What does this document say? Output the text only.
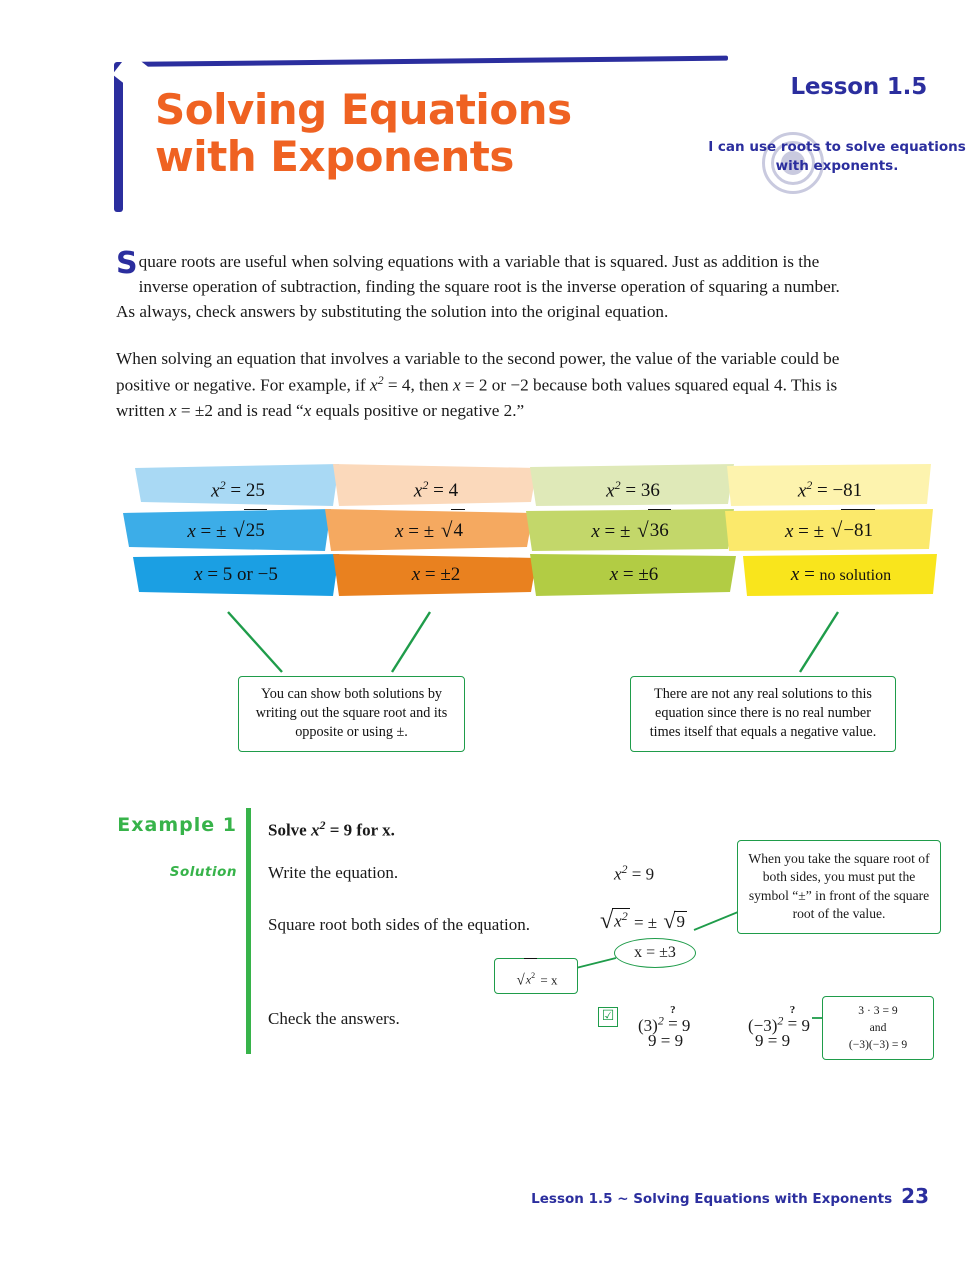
Solving Equations with Exponents
Lesson 1.5
I can use roots to solve equations with exponents.
Square roots are useful when solving equations with a variable that is squared. Just as addition is the inverse operation of subtraction, finding the square root is the inverse operation of squaring a number. As always, check answers by substituting the solution into the original equation.
When solving an equation that involves a variable to the second power, the value of the variable could be positive or negative. For example, if $x^2 = 4$, then x = 2 or −2 because both values squared equal 4. This is written x = ±2 and is read “x equals positive or negative 2.”
$x^2 = 25$
x = ± √25
x = 5 or −5
$x^2 = 4$
x = ± √4
x = ±2
$x^2 = 36$
x = ± √36
x = ±6
$x^2 = -81$
x = ± √−81
x = no solution
You can show both solutions by writing out the square root and its opposite or using ±.
There are not any real solutions to this equation since there is no real number times itself that equals a negative value.
Example 1
Solution
Solve $x^2 = 9$ for x.
Write the equation.
Square root both sides of the equation.
Check the answers.
$x^2 = 9$
$√x^2$ = ± √9
x = ±3
When you take the square root of both sides, you must put the symbol “±” in front of the square root of the value.
$√x^2 = x$
☑ $(3)^2$
?
= 9	$(-3)^2$
?
= 9
9 = 9	9 = 9
3 · 3 = 9
and
(−3)(−3) = 9
Lesson 1.5 ~ Solving Equations with Exponents 23
